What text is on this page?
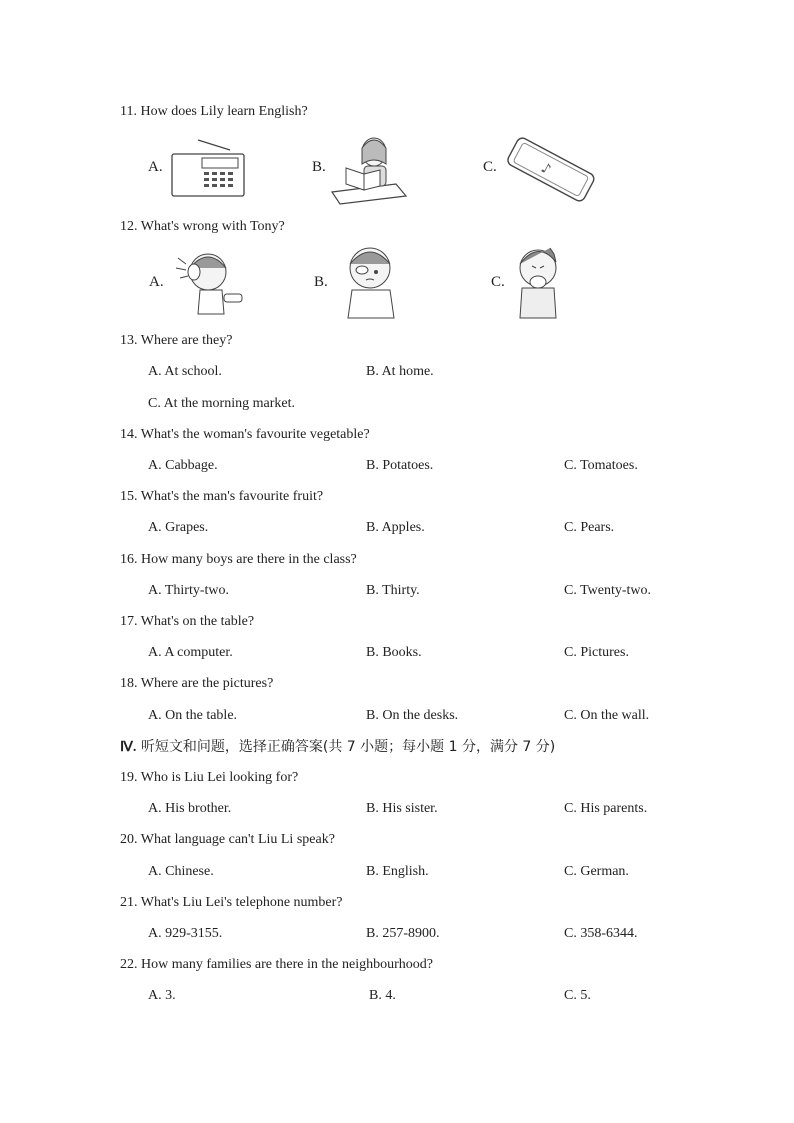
11. How does Lily learn English?
A.	B.	C.	♪
12. What's wrong with Tony?
A.	B.	C.
13. Where are they?
A. At school.	B. At home.
C. At the morning market.
14. What's the woman's favourite vegetable?
A. Cabbage.	B. Potatoes.	C. Tomatoes.
15. What's the man's favourite fruit?
A. Grapes.	B. Apples.	C. Pears.
16. How many boys are there in the class?
A. Thirty-two.	B. Thirty.	C. Twenty-two.
17. What's on the table?
A. A computer.	B. Books.	C. Pictures.
18. Where are the pictures?
A. On the table.	B. On the desks.	C. On the wall.
Ⅳ. 听短文和问题，选择正确答案(共 7 小题；每小题 1 分，满分 7 分)
19. Who is Liu Lei looking for?
A. His brother.	B. His sister.	C. His parents.
20. What language can't Liu Li speak?
A. Chinese.	B. English.	C. German.
21. What's Liu Lei's telephone number?
A. 929-3155.	B. 257-8900.	C. 358-6344.
22. How many families are there in the neighbourhood?
A. 3.	B. 4.	C. 5.
